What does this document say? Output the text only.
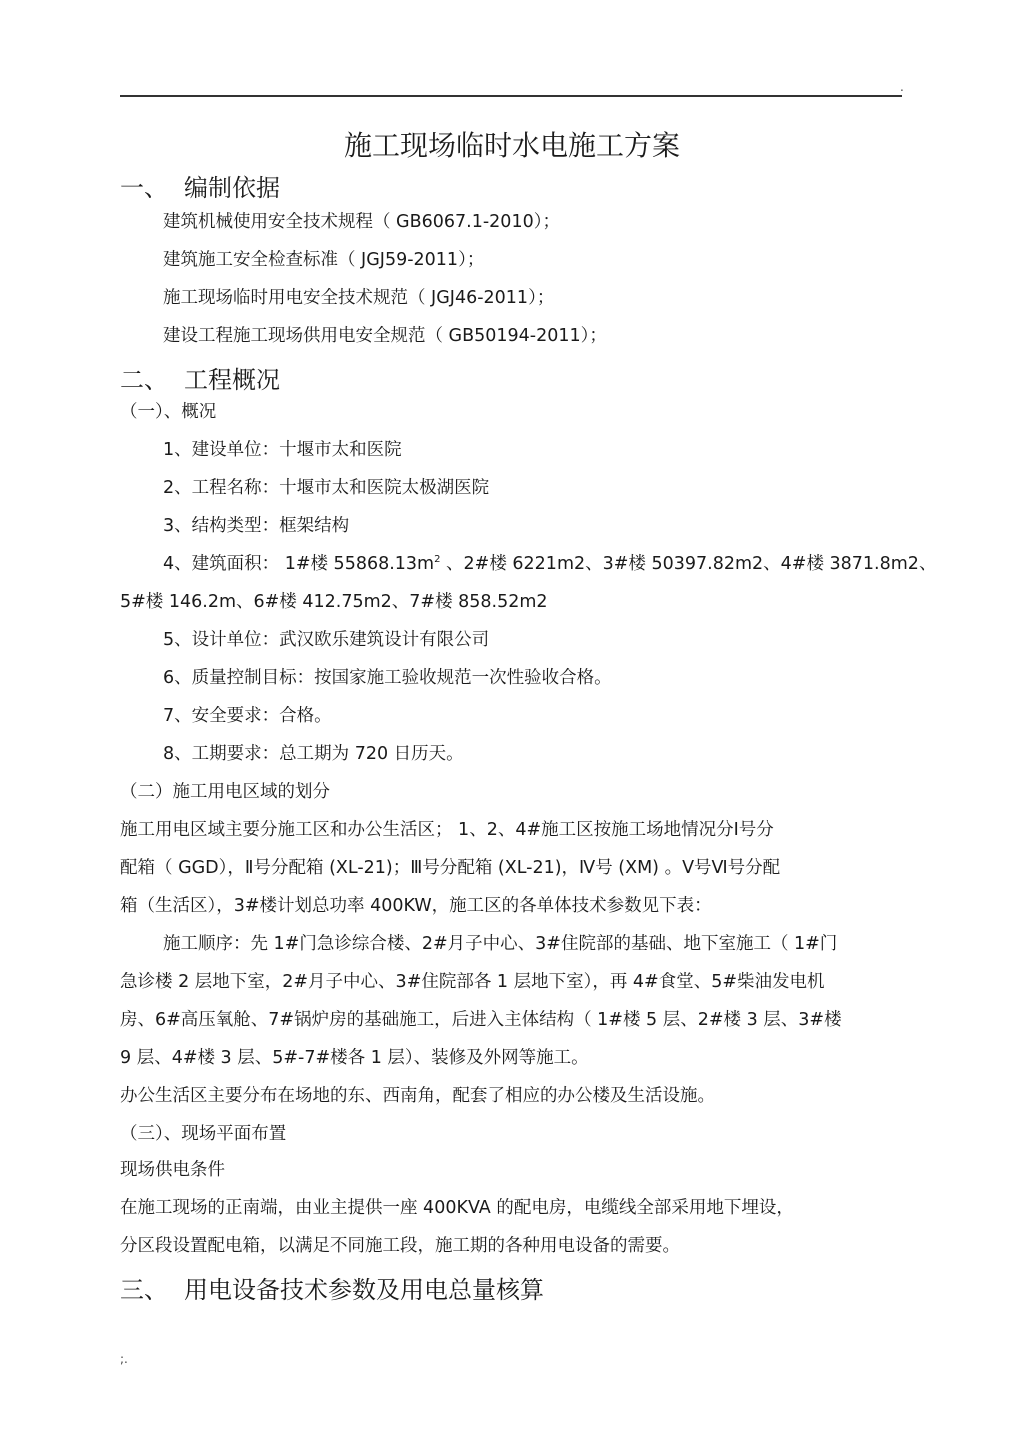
.
施工现场临时水电施工方案
一、 编制依据
建筑机械使用安全技术规程（ GB6067.1-2010）；
建筑施工安全检查标准（ JGJ59-2011）；
施工现场临时用电安全技术规范（ JGJ46-2011）；
建设工程施工现场供用电安全规范（ GB50194-2011）；
二、 工程概况
（一）、概况
1、建设单位：十堰市太和医院
2、工程名称：十堰市太和医院太极湖医院
3、结构类型：框架结构
4、建筑面积： 1#楼 $55868.13m^2$ 、2#楼 6221m2、3#楼 50397.82m2、4#楼 3871.8m2、
5#楼 146.2m、6#楼 412.75m2、7#楼 858.52m2
5、设计单位：武汉欧乐建筑设计有限公司
6、质量控制目标：按国家施工验收规范一次性验收合格。
7、安全要求：合格。
8、工期要求：总工期为 720 日历天。
（二）施工用电区域的划分
施工用电区域主要分施工区和办公生活区； 1、2、4#施工区按施工场地情况分Ⅰ号分
配箱（ GGD），Ⅱ号分配箱 (XL-21)；Ⅲ号分配箱 (XL-21)，Ⅳ号 (XM) 。Ⅴ号Ⅵ号分配
箱（生活区），3#楼计划总功率 400KW，施工区的各单体技术参数见下表：
施工顺序：先 1#门急诊综合楼、2#月子中心、3#住院部的基础、地下室施工（ 1#门
急诊楼 2 层地下室，2#月子中心、3#住院部各 1 层地下室），再 4#食堂、5#柴油发电机
房、6#高压氧舱、7#锅炉房的基础施工，后进入主体结构（ 1#楼 5 层、2#楼 3 层、3#楼
9 层、4#楼 3 层、5#-7#楼各 1 层）、装修及外网等施工。
办公生活区主要分布在场地的东、西南角，配套了相应的办公楼及生活设施。
（三）、现场平面布置
现场供电条件
在施工现场的正南端，由业主提供一座 400KVA 的配电房，电缆线全部采用地下埋设，
分区段设置配电箱，以满足不同施工段，施工期的各种用电设备的需要。
三、 用电设备技术参数及用电总量核算
;.
